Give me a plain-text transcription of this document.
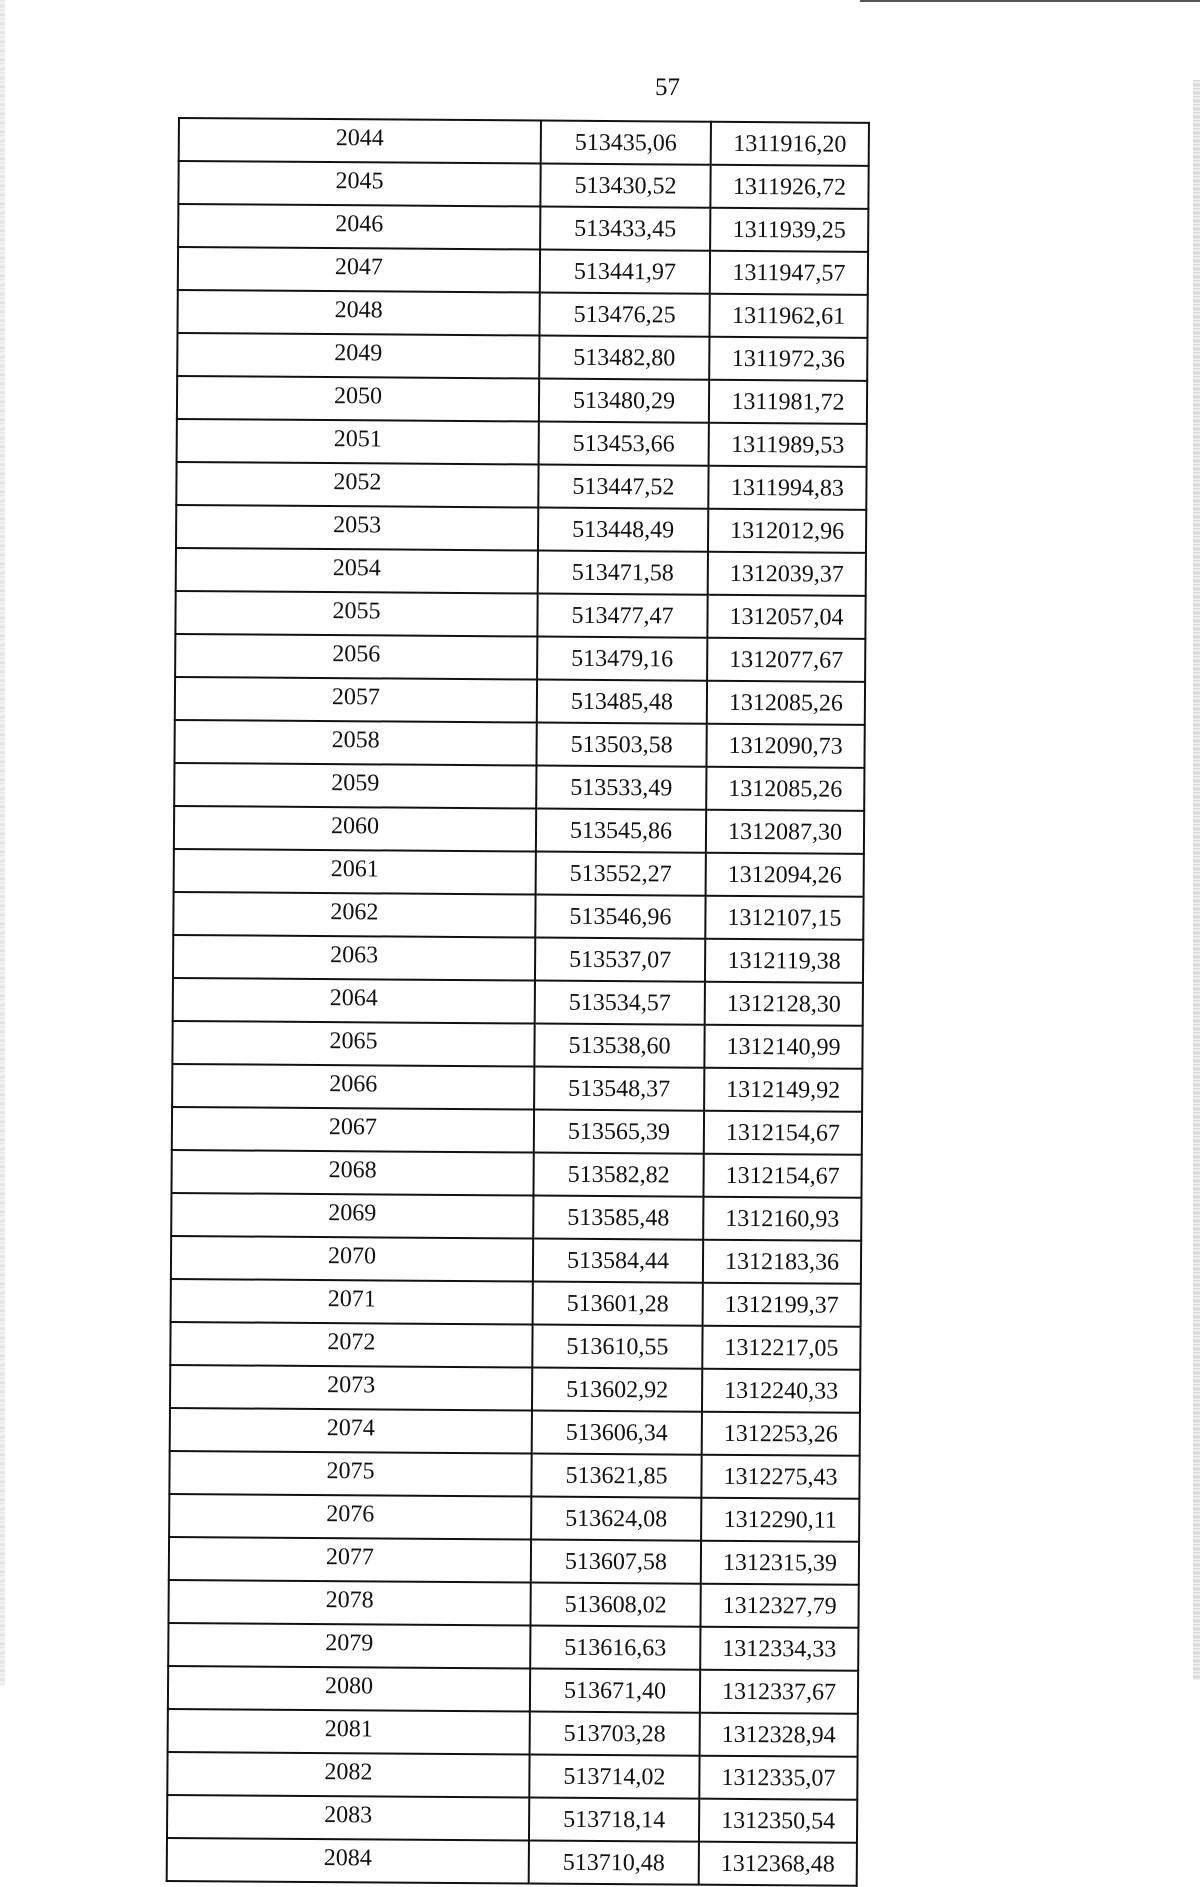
57
2044	513435,06	1311916,20
2045	513430,52	1311926,72
2046	513433,45	1311939,25
2047	513441,97	1311947,57
2048	513476,25	1311962,61
2049	513482,80	1311972,36
2050	513480,29	1311981,72
2051	513453,66	1311989,53
2052	513447,52	1311994,83
2053	513448,49	1312012,96
2054	513471,58	1312039,37
2055	513477,47	1312057,04
2056	513479,16	1312077,67
2057	513485,48	1312085,26
2058	513503,58	1312090,73
2059	513533,49	1312085,26
2060	513545,86	1312087,30
2061	513552,27	1312094,26
2062	513546,96	1312107,15
2063	513537,07	1312119,38
2064	513534,57	1312128,30
2065	513538,60	1312140,99
2066	513548,37	1312149,92
2067	513565,39	1312154,67
2068	513582,82	1312154,67
2069	513585,48	1312160,93
2070	513584,44	1312183,36
2071	513601,28	1312199,37
2072	513610,55	1312217,05
2073	513602,92	1312240,33
2074	513606,34	1312253,26
2075	513621,85	1312275,43
2076	513624,08	1312290,11
2077	513607,58	1312315,39
2078	513608,02	1312327,79
2079	513616,63	1312334,33
2080	513671,40	1312337,67
2081	513703,28	1312328,94
2082	513714,02	1312335,07
2083	513718,14	1312350,54
2084	513710,48	1312368,48
